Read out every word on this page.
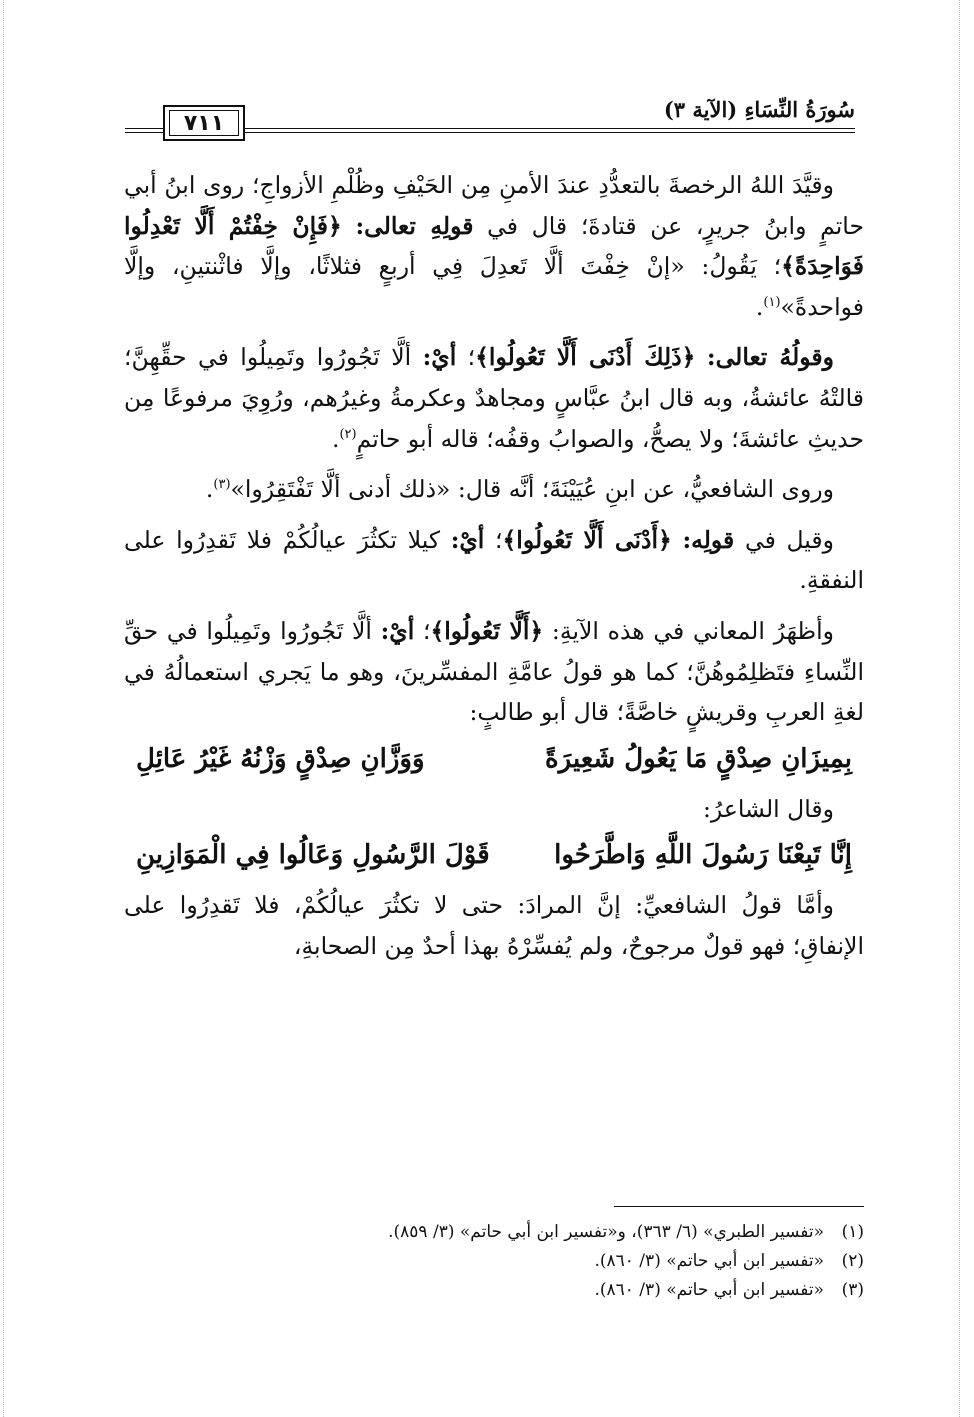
سُورَةُ النِّسَاءِ (الآية ٣)
٧١١

وقيَّدَ اللهُ الرخصةَ بالتعدُّدِ عندَ الأمنِ مِن الحَيْفِ وظُلْمِ الأزواجِ؛ روى ابنُ أبي حاتمٍ وابنُ جريرٍ، عن قتادةَ؛ قال في قولِهِ تعالى: ﴿فَإِنْ خِفْتُمْ أَلَّا تَعْدِلُوا فَوَاحِدَةً﴾؛ يَقُولُ: «إنْ خِفْتَ ألَّا تَعدِلَ فِي أربعٍ فثلاثًا، وإلَّا فاثْنتينِ، وإلَّا فواحدةً»$^{(١)}$.

وقولُهُ تعالى: ﴿ذَلِكَ أَدْنَى أَلَّا تَعُولُوا﴾؛ أيْ: ألَّا تَجُورُوا وتَمِيلُوا في حقِّهِنَّ؛ قالتْهُ عائشةُ، وبه قال ابنُ عبَّاسٍ ومجاهدٌ وعكرمةُ وغيرُهم، ورُوِيَ مرفوعًا مِن حديثِ عائشةَ؛ ولا يصحُّ، والصوابُ وقفُه؛ قاله أبو حاتمٍ$^{(٢)}$.

وروى الشافعيُّ، عن ابنِ عُيَيْنَةَ؛ أنَّه قال: «ذلك أدنى ألَّا تَفْتَقِرُوا»$^{(٣)}$.

وقيل في قولِه: ﴿أَدْنَى أَلَّا تَعُولُوا﴾؛ أيْ: كيلا تكثُرَ عيالُكُمْ فلا تَقدِرُوا على النفقةِ.

وأظهَرُ المعاني في هذه الآيةِ: ﴿أَلَّا تَعُولُوا﴾؛ أيْ: ألَّا تَجُورُوا وتَمِيلُوا في حقِّ النِّساءِ فتَظلِمُوهُنَّ؛ كما هو قولُ عامَّةِ المفسِّرينَ، وهو ما يَجري استعمالُهُ في لغةِ العربِ وقريشٍ خاصَّةً؛ قال أبو طالبٍ:

بِمِيزَانِ صِدْقٍ مَا يَعُولُ شَعِيرَةً
وَوَزَّانِ صِدْقٍ وَزْنُهُ غَيْرُ عَائِلِ

وقال الشاعرُ:

إِنَّا تَبِعْنَا رَسُولَ اللَّهِ وَاطَّرَحُوا
قَوْلَ الرَّسُولِ وَعَالُوا فِي الْمَوَازِينِ

وأمَّا قولُ الشافعيِّ: إنَّ المرادَ: حتى لا تكثُرَ عيالُكُمْ، فلا تَقدِرُوا على الإنفاقِ؛ فهو قولٌ مرجوحٌ، ولم يُفسِّرْهُ بهذا أحدٌ مِن الصحابةِ،

(١)
«تفسير الطبري» (٦/ ٣٦٣)، و«تفسير ابن أبي حاتم» (٣/ ٨٥٩).
(٢)
«تفسير ابن أبي حاتم» (٣/ ٨٦٠).
(٣)
«تفسير ابن أبي حاتم» (٣/ ٨٦٠).
